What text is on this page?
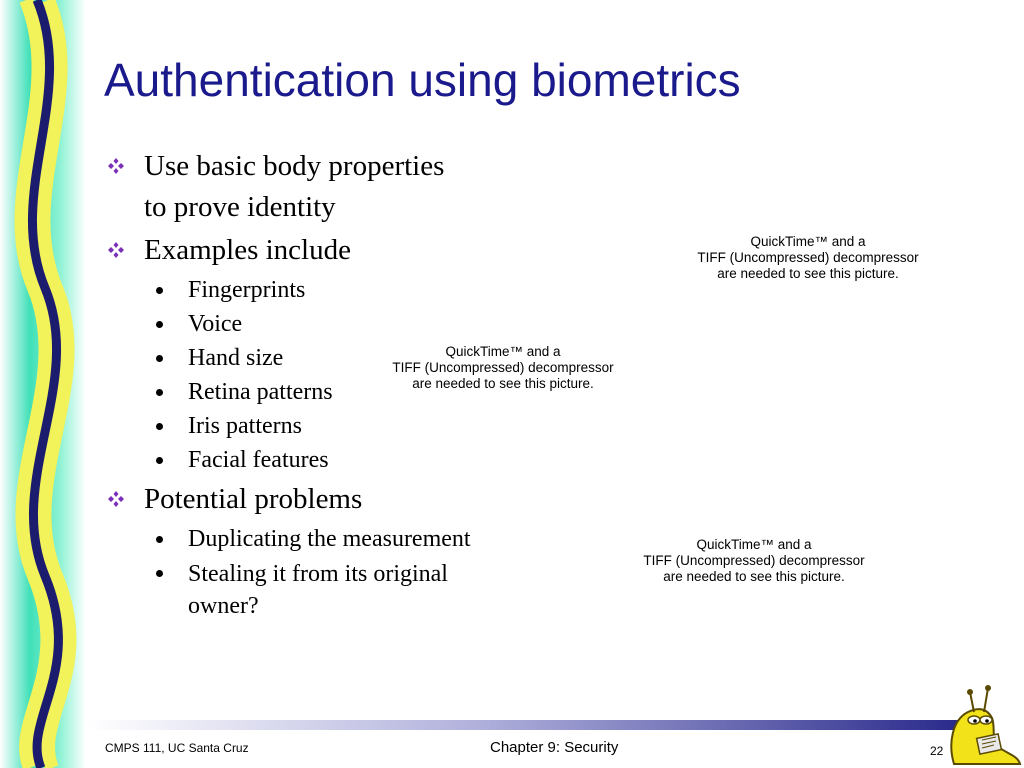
Authentication using biometrics
Use basic body properties
to prove identity
Examples include
Fingerprints
Voice
Hand size
Retina patterns
Iris patterns
Facial features
Potential problems
Duplicating the measurement
Stealing it from its original
owner?
QuickTime™ and a
TIFF (Uncompressed) decompressor
are needed to see this picture.
QuickTime™ and a
TIFF (Uncompressed) decompressor
are needed to see this picture.
QuickTime™ and a
TIFF (Uncompressed) decompressor
are needed to see this picture.
CMPS 111, UC Santa Cruz	Chapter 9: Security	22
